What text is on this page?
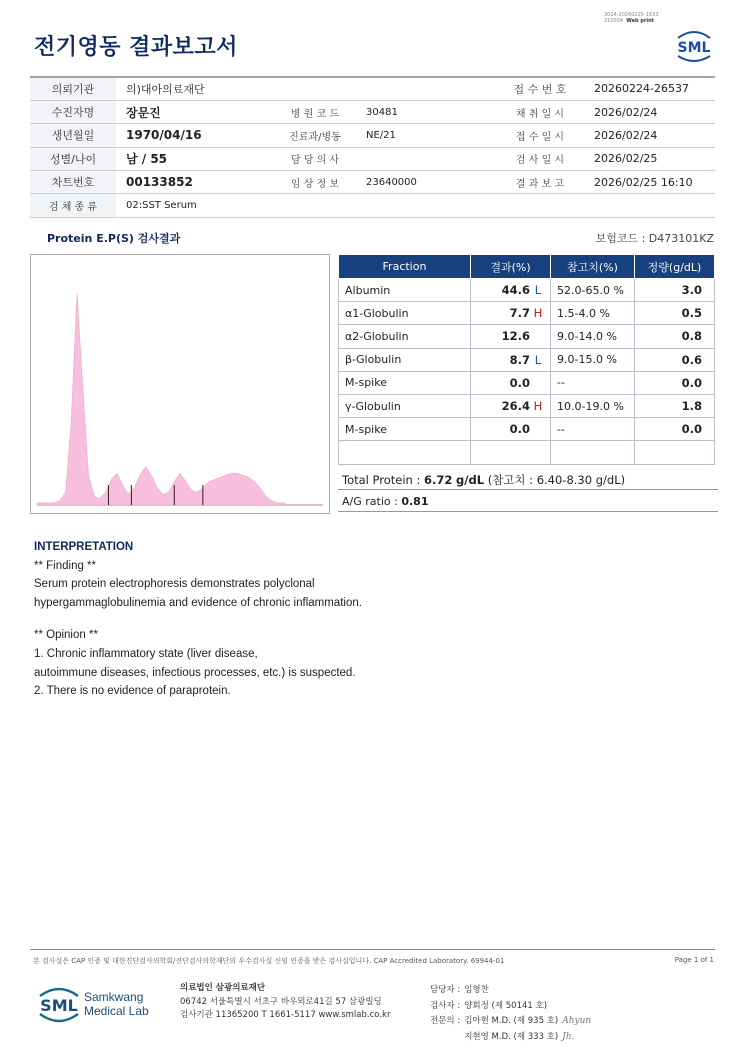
전기영동 결과보고서
3014-20260225-1633
210034 Web print
SML
의뢰기관	의)대아의료재단			접 수 번 호	20260224-26537
수진자명	장문진	병 원 코 드	30481	채 취 일 시	2026/02/24
생년월일	1970/04/16	진료과/병동	NE/21	접 수 일 시	2026/02/24
성별/나이	남 / 55	담 당 의 사		검 사 일 시	2026/02/25
차트번호	00133852	임 상 정 보	23640000	결 과 보 고	2026/02/25 16:10
검 체 종 류	02:SST Serum				
Protein E.P(S) 검사결과	보험코드 : D473101KZ
Fraction	결과(%)	참고치(%)	정량(g/dL)
Albumin	44.6 L	52.0-65.0 %	3.0
α1-Globulin	7.7 H	1.5-4.0 %	0.5
α2-Globulin	12.6	9.0-14.0 %	0.8
β-Globulin	8.7 L	9.0-15.0 %	0.6
M-spike	0.0	--	0.0
γ-Globulin	26.4 H	10.0-19.0 %	1.8
M-spike	0.0	--	0.0

Total Protein : 6.72 g/dL (참고치 : 6.40-8.30 g/dL)
A/G ratio : 0.81
INTERPRETATION
** Finding **
Serum protein electrophoresis demonstrates polyclonal
hypergammaglobulinemia and evidence of chronic inflammation.
** Opinion **
1. Chronic inflammatory state (liver disease,
autoimmune diseases, infectious processes, etc.) is suspected.
2. There is no evidence of paraprotein.
본 검사실은 CAP 인증 및 대한진단검사의학회/진단검사의학재단의 우수검사실 신임 인증을 받은 검사실입니다. CAP Accredited Laboratory. 69944-01	Page 1 of 1
SML Samkwang
Medical Lab
의료법인 삼광의료재단
06742 서울특별시 서초구 바우뫼로41길 57 삼광빌딩
검사기관 11365200 T 1661-5117 www.smlab.co.kr
담당자 :	임형찬	
검사자 :	양회정 (제 50141 호)	
전문의 :	김아현 M.D. (제 935 호)	Ahyun
	지현영 M.D. (제 333 호)	Jh.
